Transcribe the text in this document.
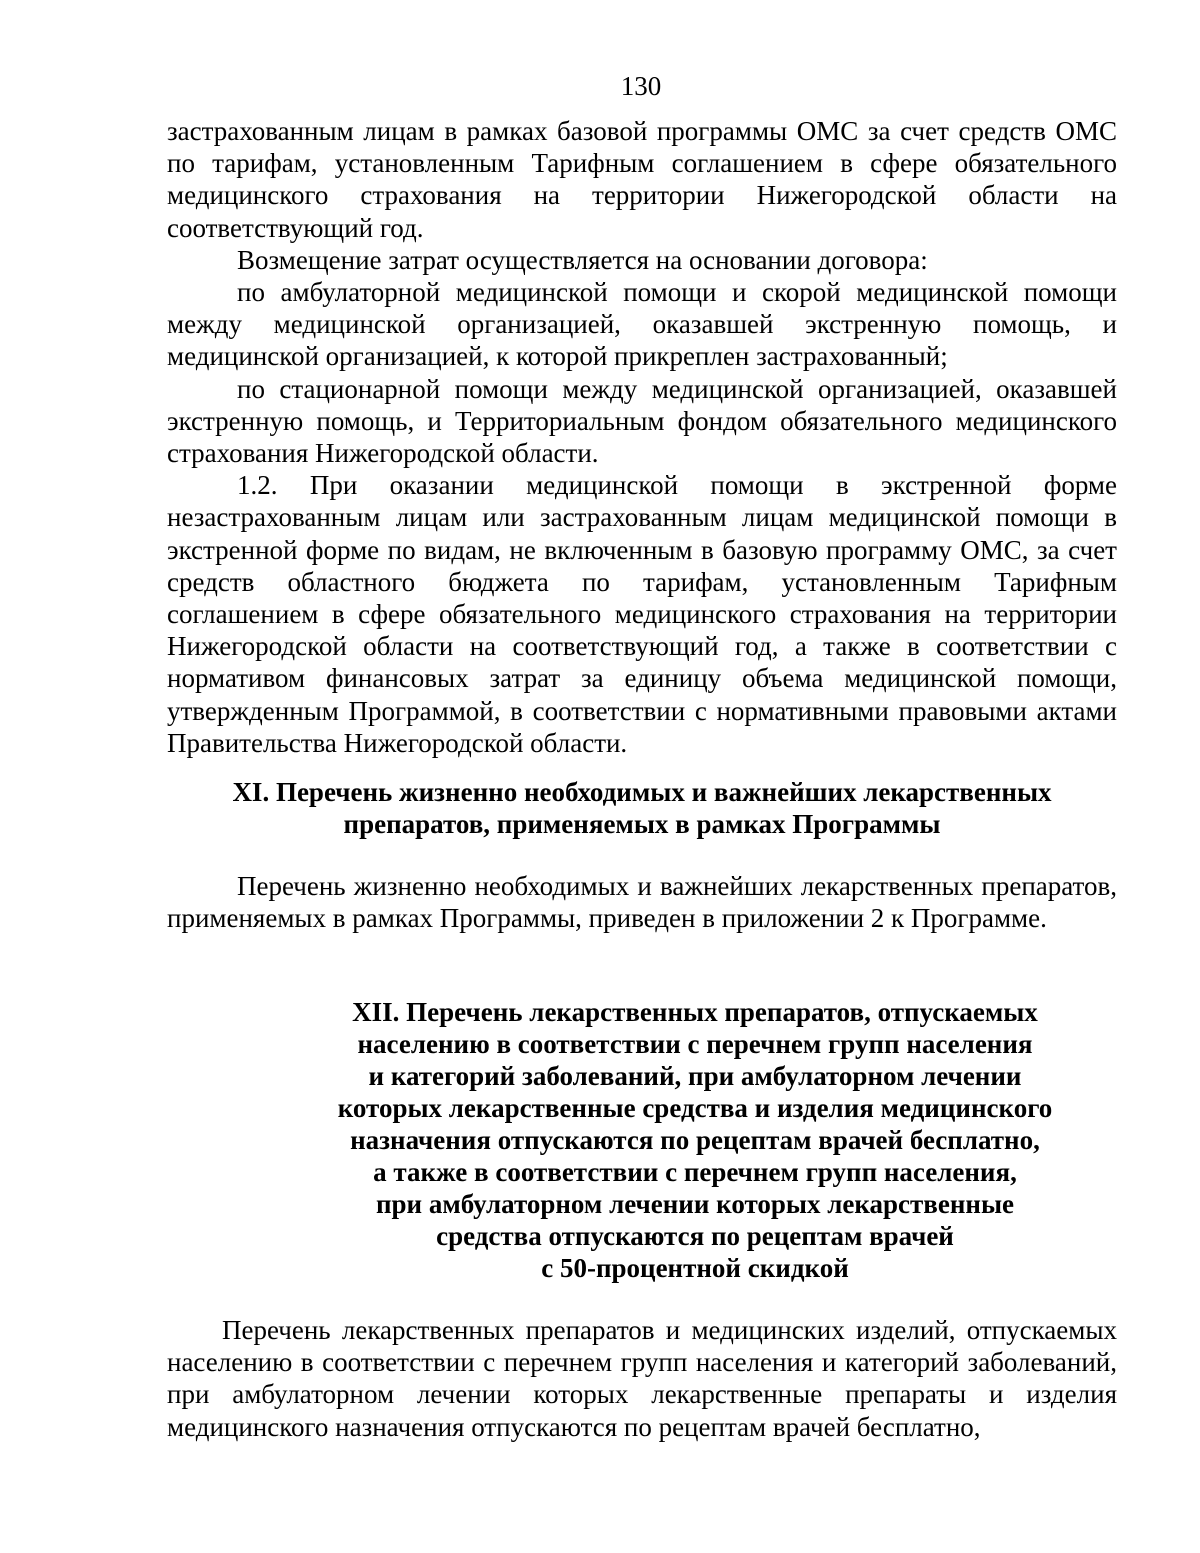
130

застрахованным лицам в рамках базовой программы ОМС за счет средств ОМС по тарифам, установленным Тарифным соглашением в сфере обязательного медицинского страхования на территории Нижегородской области на соответствующий год.

Возмещение затрат осуществляется на основании договора:

по амбулаторной медицинской помощи и скорой медицинской помощи между медицинской организацией, оказавшей экстренную помощь, и медицинской организацией, к которой прикреплен застрахованный;

по стационарной помощи между медицинской организацией, оказавшей экстренную помощь, и Территориальным фондом обязательного медицинского страхования Нижегородской области.

1.2. При оказании медицинской помощи в экстренной форме незастрахованным лицам или застрахованным лицам медицинской помощи в экстренной форме по видам, не включенным в базовую программу ОМС, за счет средств областного бюджета по тарифам, установленным Тарифным соглашением в сфере обязательного медицинского страхования на территории Нижегородской области на соответствующий год, а также в соответствии с нормативом финансовых затрат за единицу объема медицинской помощи, утвержденным Программой, в соответствии с нормативными правовыми актами Правительства Нижегородской области.

XI. Перечень жизненно необходимых и важнейших лекарственных
препаратов, применяемых в рамках Программы

Перечень жизненно необходимых и важнейших лекарственных препаратов, применяемых в рамках Программы, приведен в приложении 2 к Программе.

XII. Перечень лекарственных препаратов, отпускаемых
населению в соответствии с перечнем групп населения
и категорий заболеваний, при амбулаторном лечении
которых лекарственные средства и изделия медицинского
назначения отпускаются по рецептам врачей бесплатно,
а также в соответствии с перечнем групп населения,
при амбулаторном лечении которых лекарственные
средства отпускаются по рецептам врачей
с 50-процентной скидкой

Перечень лекарственных препаратов и медицинских изделий, отпускаемых населению в соответствии с перечнем групп населения и категорий заболеваний, при амбулаторном лечении которых лекарственные препараты и изделия медицинского назначения отпускаются по рецептам врачей бесплатно,
